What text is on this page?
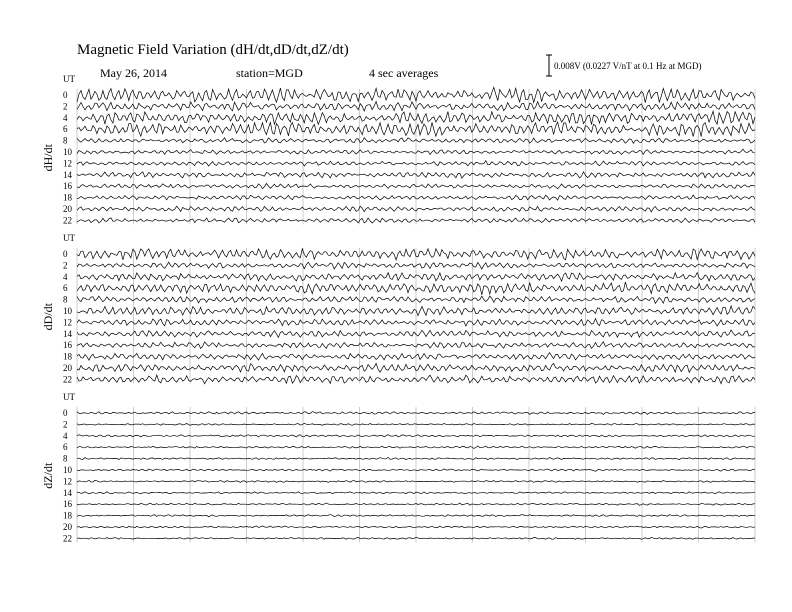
Magnetic Field Variation (dH/dt,dD/dt,dZ/dt)
May 26, 2014	station=MGD	4 sec averages	0.008V (0.0227 V/nT at 0.1 Hz at MGD)
UT
dH/dt
0
2
4
6
8
10
12
14
16
18
20
22
UT
dD/dt
0
2
4
6
8
10
12
14
16
18
20
22
UT
dZ/dt
0
2
4
6
8
10
12
14
16
18
20
22
